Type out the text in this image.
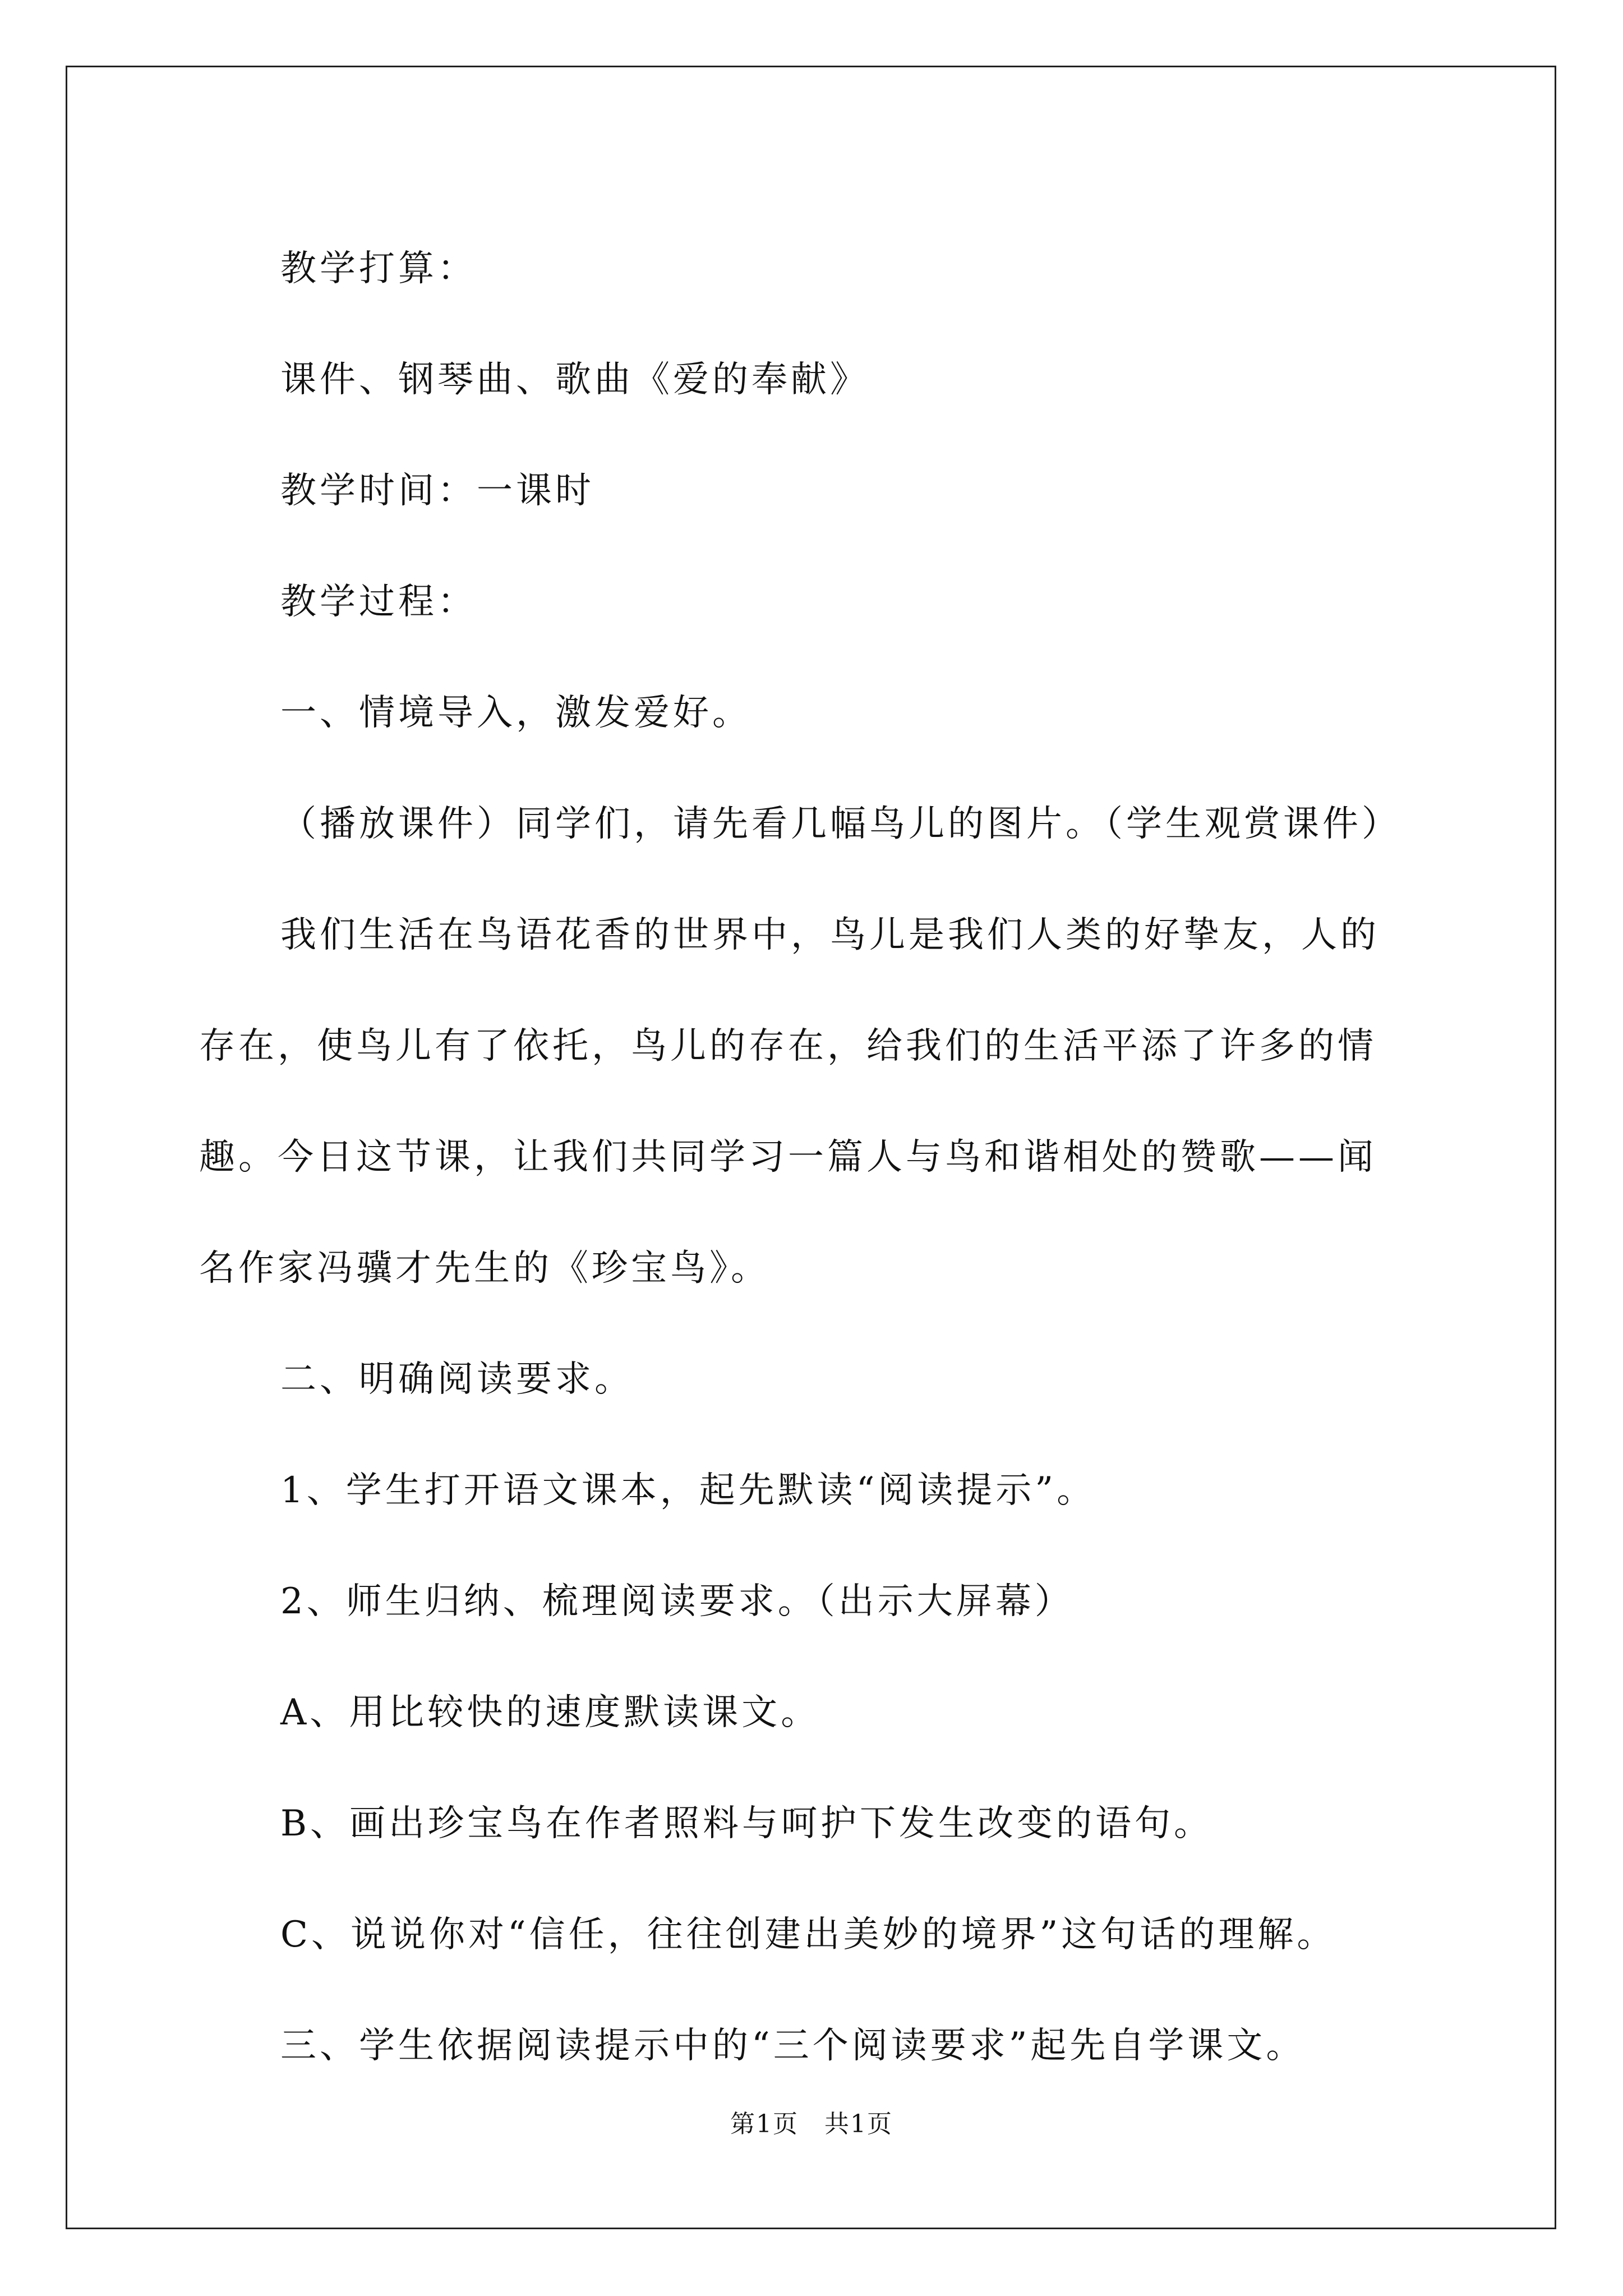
教学打算：

课件、钢琴曲、歌曲《爱的奉献》

教学时间：一课时

教学过程：

一、情境导入，激发爱好。

（播放课件）同学们，请先看几幅鸟儿的图片。（学生观赏课件）

我们生活在鸟语花香的世界中，鸟儿是我们人类的好挚友，人的
存在，使鸟儿有了依托，鸟儿的存在，给我们的生活平添了许多的情
趣。今日这节课，让我们共同学习一篇人与鸟和谐相处的赞歌——闻
名作家冯骥才先生的《珍宝鸟》。

二、明确阅读要求。

1、学生打开语文课本，起先默读“阅读提示”。

2、师生归纳、梳理阅读要求。（出示大屏幕）

A、用比较快的速度默读课文。

B、画出珍宝鸟在作者照料与呵护下发生改变的语句。

C、说说你对“信任，往往创建出美妙的境界”这句话的理解。

三、学生依据阅读提示中的“三个阅读要求”起先自学课文。

第1页　共1页
